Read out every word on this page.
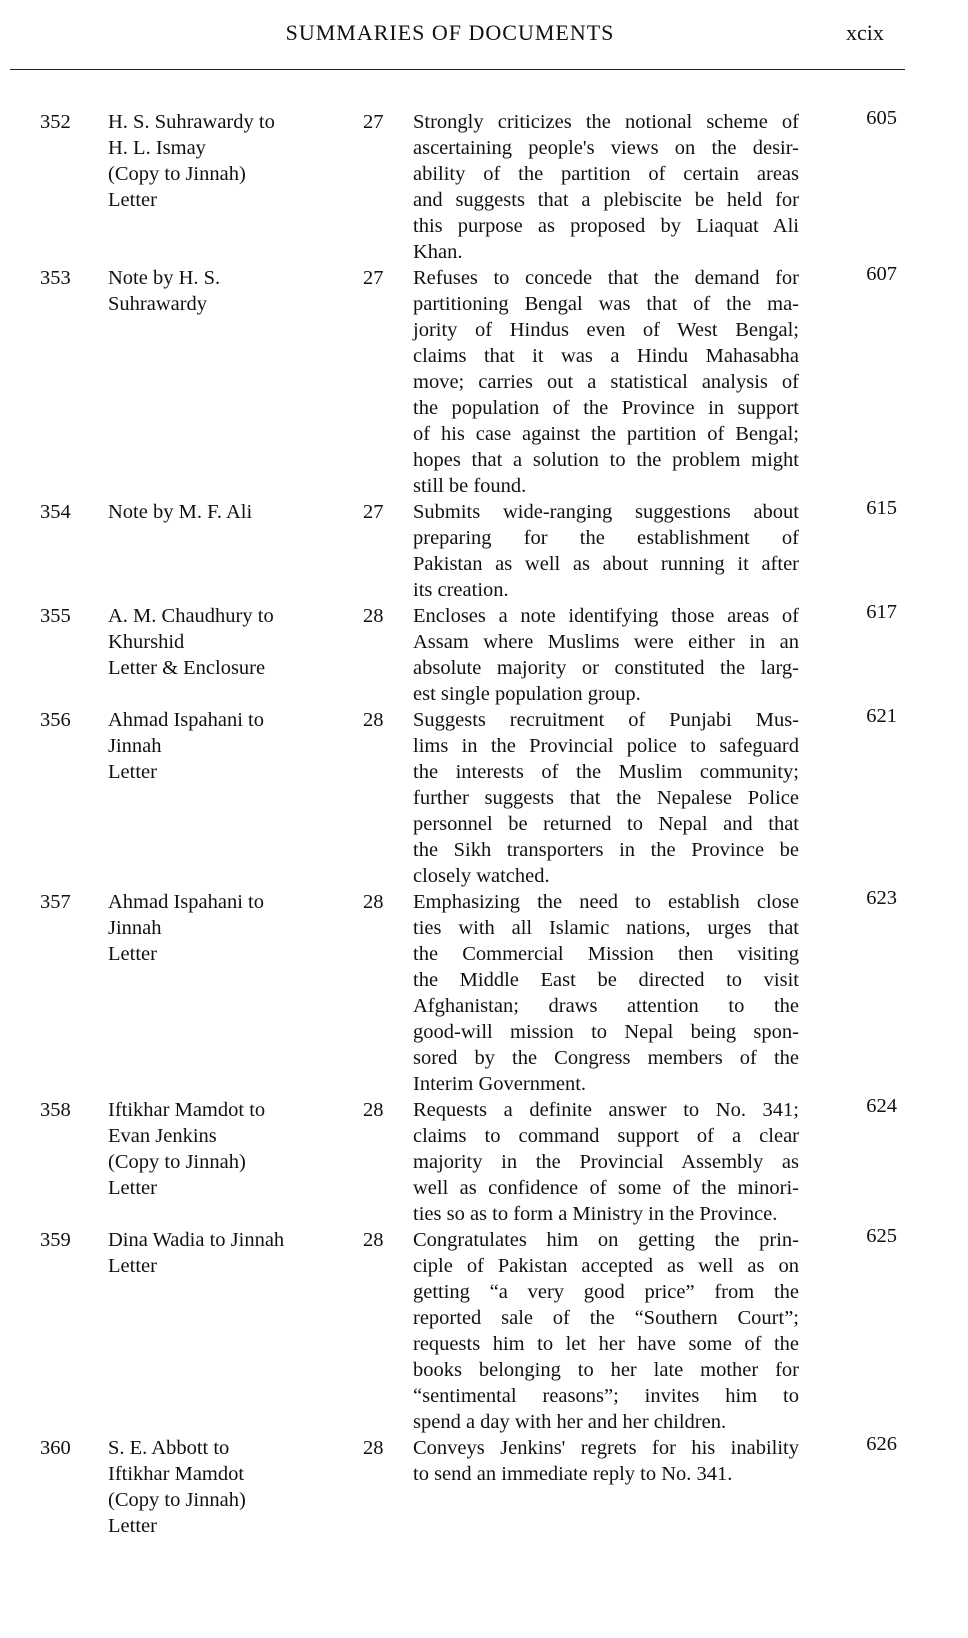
SUMMARIES OF DOCUMENTS	xcix
352 H. S. Suhrawardy to
H. L. Ismay
(Copy to Jinnah)
Letter
27 Strongly criticizes the notional scheme of
ascertaining people's views on the desir-
ability of the partition of certain areas
and suggests that a plebiscite be held for
this purpose as proposed by Liaquat Ali
Khan.
605
353 Note by H. S.
Suhrawardy
27 Refuses to concede that the demand for
partitioning Bengal was that of the ma-
jority of Hindus even of West Bengal;
claims that it was a Hindu Mahasabha
move; carries out a statistical analysis of
the population of the Province in support
of his case against the partition of Bengal;
hopes that a solution to the problem might
still be found.
607
354 Note by M. F. Ali	27 Submits wide-ranging suggestions about
preparing for the establishment of
Pakistan as well as about running it after
its creation.
615
355 A. M. Chaudhury to
Khurshid
Letter & Enclosure
28 Encloses a note identifying those areas of
Assam where Muslims were either in an
absolute majority or constituted the larg-
est single population group.
617
356 Ahmad Ispahani to
Jinnah
Letter
28 Suggests recruitment of Punjabi Mus-
lims in the Provincial police to safeguard
the interests of the Muslim community;
further suggests that the Nepalese Police
personnel be returned to Nepal and that
the Sikh transporters in the Province be
closely watched.
621
357 Ahmad Ispahani to
Jinnah
Letter
28 Emphasizing the need to establish close
ties with all Islamic nations, urges that
the Commercial Mission then visiting
the Middle East be directed to visit
Afghanistan; draws attention to the
good-will mission to Nepal being spon-
sored by the Congress members of the
Interim Government.
623
358 Iftikhar Mamdot to
Evan Jenkins
(Copy to Jinnah)
Letter
28 Requests a definite answer to No. 341;
claims to command support of a clear
majority in the Provincial Assembly as
well as confidence of some of the minori-
ties so as to form a Ministry in the Province.
624
359 Dina Wadia to Jinnah
Letter
28 Congratulates him on getting the prin-
ciple of Pakistan accepted as well as on
getting “a very good price” from the
reported sale of the “Southern Court”;
requests him to let her have some of the
books belonging to her late mother for
“sentimental reasons”; invites him to
spend a day with her and her children.
625
360 S. E. Abbott to
Iftikhar Mamdot
(Copy to Jinnah)
Letter
28 Conveys Jenkins' regrets for his inability
to send an immediate reply to No. 341.
626
